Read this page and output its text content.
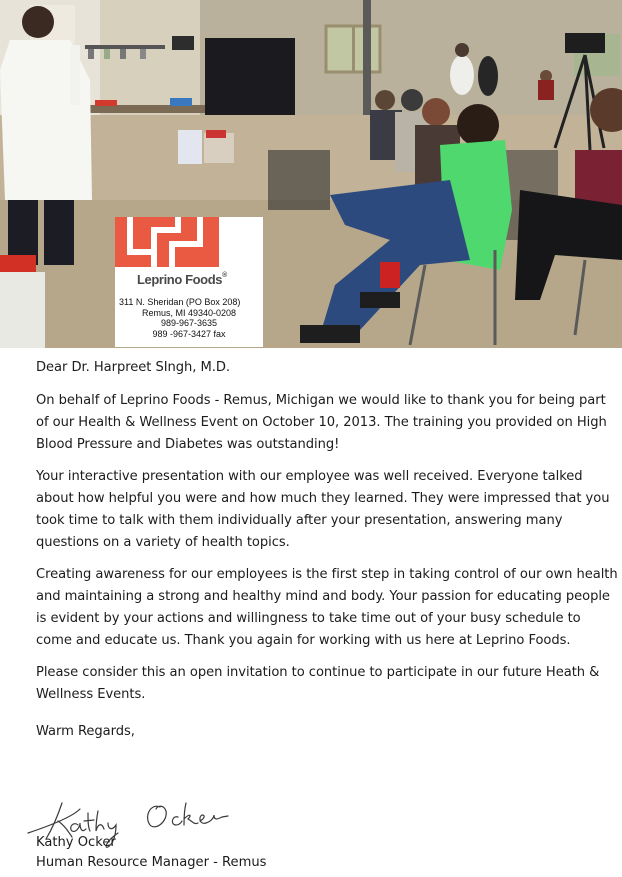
Leprino Foods®
311 N. Sheridan (PO Box 208)
Remus, MI 49340-0208
989-967-3635
989 -967-3427 fax

Dear Dr. Harpreet SIngh, M.D.

On behalf of Leprino Foods - Remus, Michigan we would like to thank you for being part of our Health & Wellness Event on October 10, 2013. The training you provided on High Blood Pressure and Diabetes was outstanding!

Your interactive presentation with our employee was well received. Everyone talked about how helpful you were and how much they learned. They were impressed that you took time to talk with them individually after your presentation, answering many questions on a variety of health topics.

Creating awareness for our employees is the first step in taking control of our own health and maintaining a strong and healthy mind and body. Your passion for educating people is evident by your actions and willingness to take time out of your busy schedule to come and educate us. Thank you again for working with us here at Leprino Foods.

Please consider this an open invitation to continue to participate in our future Heath & Wellness Events.

Warm Regards,

Kathy Ocker
Human Resource Manager - Remus
